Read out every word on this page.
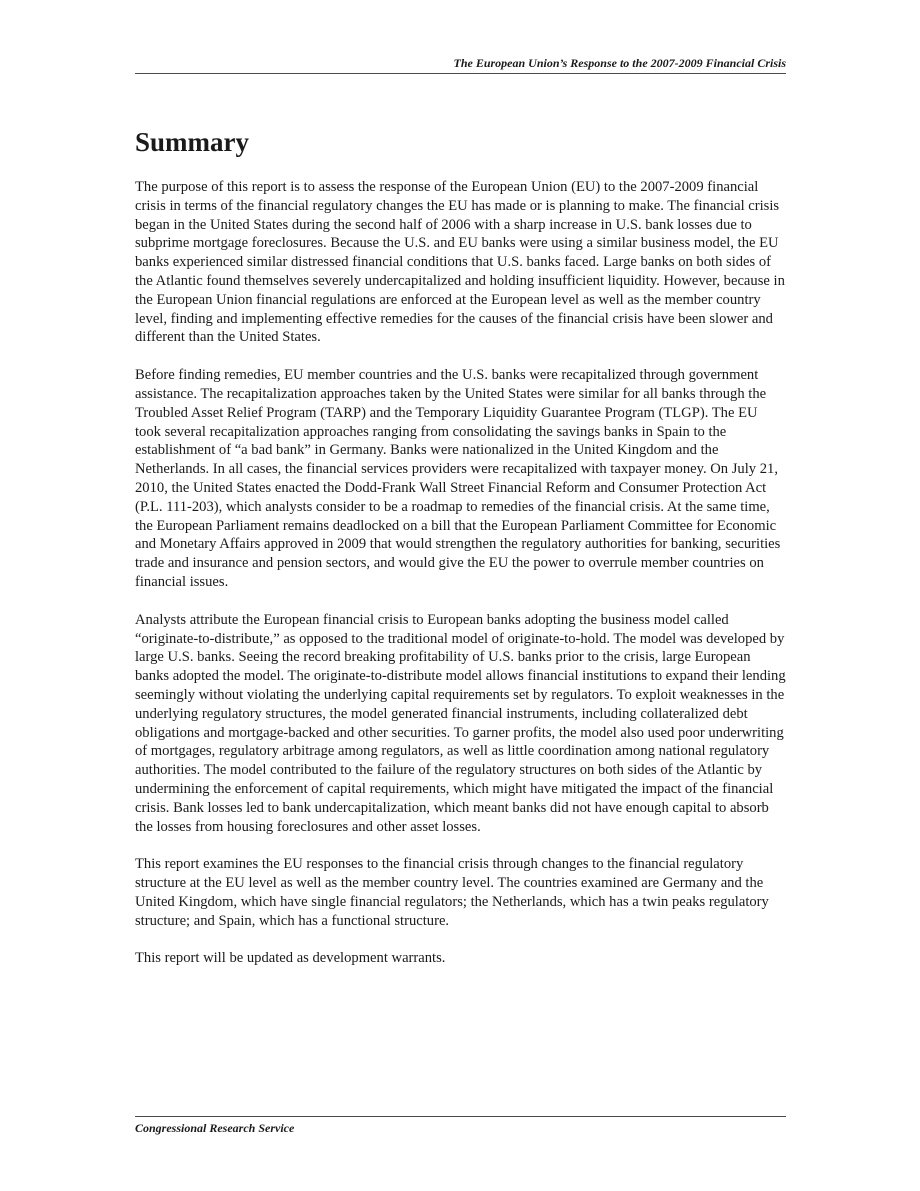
The European Union’s Response to the 2007-2009 Financial Crisis
Summary

The purpose of this report is to assess the response of the European Union (EU) to the 2007-2009 financial crisis in terms of the financial regulatory changes the EU has made or is planning to make. The financial crisis began in the United States during the second half of 2006 with a sharp increase in U.S. bank losses due to subprime mortgage foreclosures. Because the U.S. and EU banks were using a similar business model, the EU banks experienced similar distressed financial conditions that U.S. banks faced. Large banks on both sides of the Atlantic found themselves severely undercapitalized and holding insufficient liquidity. However, because in the European Union financial regulations are enforced at the European level as well as the member country level, finding and implementing effective remedies for the causes of the financial crisis have been slower and different than the United States.

Before finding remedies, EU member countries and the U.S. banks were recapitalized through government assistance. The recapitalization approaches taken by the United States were similar for all banks through the Troubled Asset Relief Program (TARP) and the Temporary Liquidity Guarantee Program (TLGP). The EU took several recapitalization approaches ranging from consolidating the savings banks in Spain to the establishment of “a bad bank” in Germany. Banks were nationalized in the United Kingdom and the Netherlands. In all cases, the financial services providers were recapitalized with taxpayer money. On July 21, 2010, the United States enacted the Dodd-Frank Wall Street Financial Reform and Consumer Protection Act (P.L. 111-203), which analysts consider to be a roadmap to remedies of the financial crisis. At the same time, the European Parliament remains deadlocked on a bill that the European Parliament Committee for Economic and Monetary Affairs approved in 2009 that would strengthen the regulatory authorities for banking, securities trade and insurance and pension sectors, and would give the EU the power to overrule member countries on financial issues.

Analysts attribute the European financial crisis to European banks adopting the business model called “originate-to-distribute,” as opposed to the traditional model of originate-to-hold. The model was developed by large U.S. banks. Seeing the record breaking profitability of U.S. banks prior to the crisis, large European banks adopted the model. The originate-to-distribute model allows financial institutions to expand their lending seemingly without violating the underlying capital requirements set by regulators. To exploit weaknesses in the underlying regulatory structures, the model generated financial instruments, including collateralized debt obligations and mortgage-backed and other securities. To garner profits, the model also used poor underwriting of mortgages, regulatory arbitrage among regulators, as well as little coordination among national regulatory authorities. The model contributed to the failure of the regulatory structures on both sides of the Atlantic by undermining the enforcement of capital requirements, which might have mitigated the impact of the financial crisis. Bank losses led to bank undercapitalization, which meant banks did not have enough capital to absorb the losses from housing foreclosures and other asset losses.

This report examines the EU responses to the financial crisis through changes to the financial regulatory structure at the EU level as well as the member country level. The countries examined are Germany and the United Kingdom, which have single financial regulators; the Netherlands, which has a twin peaks regulatory structure; and Spain, which has a functional structure.

This report will be updated as development warrants.

Congressional Research Service
